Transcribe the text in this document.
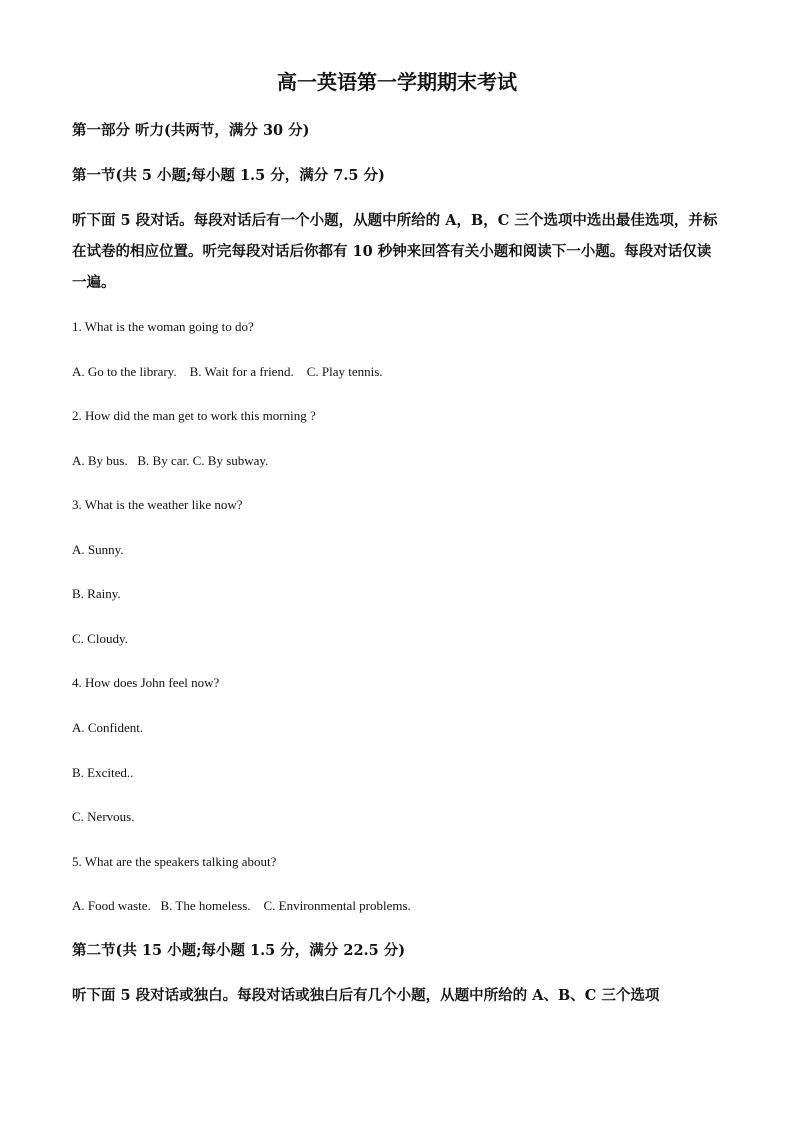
高一英语第一学期期末考试

第一部分 听力(共两节，满分 30 分)

第一节(共 5 小题;每小题 1.5 分，满分 7.5 分)

听下面 5 段对话。每段对话后有一个小题，从题中所给的 A，B，C 三个选项中选出最佳选项，并标在试卷的相应位置。听完每段对话后你都有 10 秒钟来回答有关小题和阅读下一小题。每段对话仅读一遍。

1. What is the woman going to do?

A. Go to the library. B. Wait for a friend. C. Play tennis.

2. How did the man get to work this morning ?

A. By bus. B. By car. C. By subway.

3. What is the weather like now?

A. Sunny.

B. Rainy.

C. Cloudy.

4. How does John feel now?

A. Confident.

B. Excited..

C. Nervous.

5. What are the speakers talking about?

A. Food waste. B. The homeless. C. Environmental problems.

第二节(共 15 小题;每小题 1.5 分，满分 22.5 分)

听下面 5 段对话或独白。每段对话或独白后有几个小题，从题中所给的 A、B、C 三个选项
